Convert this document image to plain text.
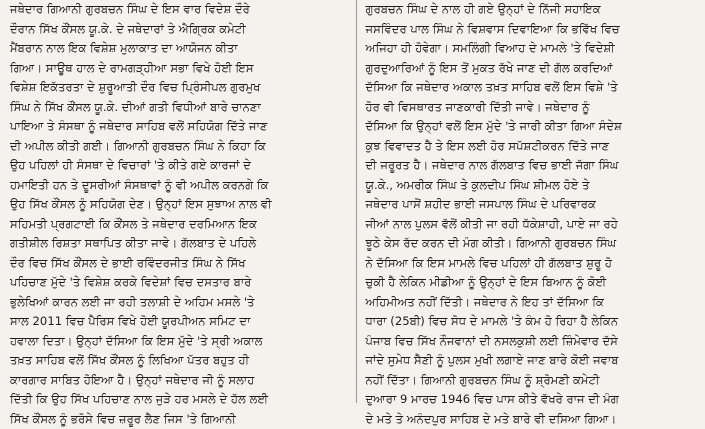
ਜਥੇਦਾਰ ਗਿਆਨੀ ਗੁਰਬਚਨ ਸਿੰਘ ਦੇ ਇਸ ਵਾਰ ਵਿਦੇਸ਼ ਦੌਰੇ
ਦੌਰਾਨ ਸਿੱਖ ਕੌਂਸਲ ਯੂ.ਕੇ. ਦੇ ਜਥੇਦਾਰਾਂ ਤੇ ਐਗ੍ਰਿਕ ਕਮੇਟੀ
ਮੈਂਬਰਾਨ ਨਾਲ ਇਕ ਵਿਸ਼ੇਸ਼ ਮੁਲਾਕਾਤ ਦਾ ਆਯੋਜਨ ਕੀਤਾ
ਗਿਆ। ਸਾਊਥ ਹਾਲ ਦੇ ਰਾਮਗੜ੍ਹੀਆ ਸਭਾ ਵਿਖੇ ਹੋਈ ਇਸ
ਵਿਸ਼ੇਸ਼ ਇਕੱਤਰਤਾ ਦੇ ਸ਼ੁਰੂਆਤੀ ਦੌਰ ਵਿਚ ਪ੍ਰਿੰਸੀਪਲ ਗੁਰਮੁਖ
ਸਿੰਘ ਨੇ ਸਿੱਖ ਕੌਂਸਲ ਯੂ.ਕੇ. ਦੀਆਂ ਗਤੀ ਵਿਧੀਆਂ ਬਾਰੇ ਚਾਨਣਾ
ਪਾਇਆ ਤੇ ਸੰਸਥਾ ਨੂੰ ਜਥੇਦਾਰ ਸਾਹਿਬ ਵਲੋਂ ਸਹਿਯੋਗ ਦਿੱਤੇ ਜਾਣ
ਦੀ ਅਪੀਲ ਕੀਤੀ ਗਈ। ਗਿਆਨੀ ਗੁਰਬਚਨ ਸਿੰਘ ਨੇ ਕਿਹਾ ਕਿ
ਉਹ ਪਹਿਲਾਂ ਹੀ ਸੰਸਥਾ ਦੇ ਵਿਚਾਰਾਂ 'ਤੇ ਕੀਤੇ ਗਏ ਕਾਰਜਾਂ ਦੇ
ਹਮਾਇਤੀ ਹਨ ਤੇ ਦੂਸਰੀਆਂ ਸੰਸਥਾਵਾਂ ਨੂੰ ਵੀ ਅਪੀਲ ਕਰਨਗੇ ਕਿ
ਉਹ ਸਿੱਖ ਕੌਂਸਲ ਨੂੰ ਸਹਿਯੋਗ ਦੇਣ। ਉਨ੍ਹਾਂ ਇਸ ਸੁਝਾਅ ਨਾਲ ਵੀ
ਸਹਿਮਤੀ ਪ੍ਰਗਟਾਈ ਕਿ ਕੌਂਸਲ ਤੇ ਜਥੇਦਾਰ ਦਰਮਿਆਨ ਇਕ
ਗਤੀਸ਼ੀਲ ਰਿਸ਼ਤਾ ਸਥਾਪਿਤ ਕੀਤਾ ਜਾਵੇ। ਗੱਲਬਾਤ ਦੇ ਪਹਿਲੇ
ਦੌਰ ਵਿਚ ਸਿੱਖ ਕੌਂਸਲ ਦੇ ਭਾਈ ਰਵਿੰਦਰਜੀਤ ਸਿੰਘ ਨੇ ਸਿੱਖ
ਪਹਿਚਾਣ ਮੁੱਦੇ 'ਤੇ ਵਿਸ਼ੇਸ਼ ਕਰਕੇ ਵਿਦੇਸ਼ਾਂ ਵਿਚ ਦਸਤਾਰ ਬਾਰੇ
ਭੁਲੇਖਿਆਂ ਕਾਰਨ ਲਈ ਜਾ ਰਹੀ ਤਲਾਸ਼ੀ ਦੇ ਅਹਿਮ ਮਸਲੇ 'ਤੇ
ਸਾਲ 2011 ਵਿਚ ਪੈਰਿਸ ਵਿਖੇ ਹੋਈ ਯੂਰਪੀਅਨ ਸਮਿਟ ਦਾ
ਹਵਾਲਾ ਦਿਤਾ। ਉਨ੍ਹਾਂ ਦੱਸਿਆ ਕਿ ਇਸ ਮੁੱਦੇ 'ਤੇ ਸ੍ਰੀ ਅਕਾਲ
ਤਖ਼ਤ ਸਾਹਿਬ ਵਲੋਂ ਸਿੱਖ ਕੌਂਸਲ ਨੂੰ ਲਿਖਿਆ ਪੱਤਰ ਬਹੁਤ ਹੀ
ਕਾਰਗਾਰ ਸਾਬਿਤ ਹੋਇਆ ਹੈ। ਉਨ੍ਹਾਂ ਜਥੇਦਾਰ ਜੀ ਨੂੰ ਸਲਾਹ
ਦਿੱਤੀ ਕਿ ਉਹ ਸਿੱਖ ਪਹਿਚਾਣ ਨਾਲ ਜੁੜੇ ਹਰ ਮਸਲੇ ਦੇ ਹੱਲ ਲਈ
ਸਿੱਖ ਕੌਂਸਲ ਨੂੰ ਭਰੋਸੇ ਵਿਚ ਜ਼ਰੂਰ ਲੈਣ ਜਿਸ 'ਤੇ ਗਿਆਨੀ
ਗੁਰਬਚਨ ਸਿੰਘ ਦੇ ਨਾਲ ਹੀ ਗਏ ਉਨ੍ਹਾਂ ਦੇ ਨਿੱਜੀ ਸਹਾਇਕ
ਜਸਵਿੰਦਰ ਪਾਲ ਸਿੰਘ ਨੇ ਵਿਸ਼ਵਾਸ ਦਿਵਾਇਆ ਕਿ ਭਵਿੱਖ ਵਿਚ
ਅਜਿਹਾ ਹੀ ਹੋਵੇਗਾ। ਸਮਲਿੰਗੀ ਵਿਆਹ ਦੇ ਮਾਮਲੇ 'ਤੇ ਵਿਦੇਸ਼ੀ
ਗੁਰਦੁਆਰਿਆਂ ਨੂੰ ਇਸ ਤੋਂ ਮੁਕਤ ਰੱਖੇ ਜਾਣ ਦੀ ਗੱਲ ਕਰਦਿਆਂ
ਦੱਸਿਆ ਕਿ ਜਥੇਦਾਰ ਅਕਾਲ ਤਖ਼ਤ ਸਾਹਿਬ ਵਲੋਂ ਇਸ ਵਿਸ਼ੇ 'ਤੇ
ਹੋਰ ਵੀ ਵਿਸਥਾਰਤ ਜਾਣਕਾਰੀ ਦਿੱਤੀ ਜਾਵੇ। ਜਥੇਦਾਰ ਨੂੰ
ਦੱਸਿਆ ਕਿ ਉਨ੍ਹਾਂ ਵਲੋਂ ਇਸ ਮੁੱਦੇ 'ਤੇ ਜਾਰੀ ਕੀਤਾ ਗਿਆ ਸੰਦੇਸ਼
ਕੁਝ ਵਿਵਾਦਤ ਹੈ ਤੇ ਇਸ ਲਈ ਹੋਰ ਸਪੱਸ਼ਟੀਕਰਨ ਦਿੱਤੇ ਜਾਣ
ਦੀ ਜਰੂਰਤ ਹੈ। ਜਥੇਦਾਰ ਨਾਲ ਗੱਲਬਾਤ ਵਿਚ ਭਾਈ ਜੱਗਾ ਸਿੰਘ
ਯੂ.ਕੇ., ਅਮਰੀਕ ਸਿੰਘ ਤੇ ਕੁਲਦੀਪ ਸਿੰਘ ਸ਼ੀਮਲ ਹੋਏ ਤੇ
ਜਥੇਦਾਰ ਪਾਸੋਂ ਸ਼ਹੀਦ ਭਾਈ ਜਸਪਾਲ ਸਿੰਘ ਦੇ ਪਰਿਵਾਰਕ
ਜੀਆਂ ਨਾਲ ਪੁਲਸ ਵੱਲੋਂ ਕੀਤੀ ਜਾ ਰਹੀ ਧੱਕੇਸ਼ਾਹੀ, ਪਾਏ ਜਾ ਰਹੇ
ਝੂਠੇ ਕੇਸ ਰੱਦ ਕਰਨ ਦੀ ਮੰਗ ਕੀਤੀ। ਗਿਆਨੀ ਗੁਰਬਚਨ ਸਿੰਘ
ਨੇ ਦੱਸਿਆ ਕਿ ਇਸ ਮਾਮਲੇ ਵਿਚ ਪਹਿਲਾਂ ਹੀ ਗੱਲਬਾਤ ਸ਼ੁਰੂ ਹੋ
ਚੁਕੀ ਹੈ ਲੇਕਿਨ ਮੀਡੀਆ ਨੂੰ ਉਨ੍ਹਾਂ ਦੇ ਇਸ ਬਿਆਨ ਨੂੰ ਕੋਈ
ਅਹਿਮੀਅਤ ਨਹੀਂ ਦਿੱਤੀ। ਜਥੇਦਾਰ ਨੇ ਇਹ ਤਾਂ ਦੱਸਿਆ ਕਿ
ਧਾਰਾ (25ਬੀ) ਵਿਚ ਸੋਧ ਦੇ ਮਾਮਲੇ 'ਤੇ ਕੰਮ ਹੋ ਰਿਹਾ ਹੈ ਲੇਕਿਨ
ਪੰਜਾਬ ਵਿਚ ਸਿੱਖ ਨੌਜਵਾਨਾਂ ਦੀ ਨਸਲਕੁਸ਼ੀ ਲਈ ਜ਼ਿੰਮੇਵਾਰ ਦੱਸੇ
ਜਾਂਦੇ ਸੁਮੇਧ ਸੈਣੀ ਨੂੰ ਪੁਲਸ ਮੁਖੀ ਲਗਾਏ ਜਾਣ ਬਾਰੇ ਕੋਈ ਜਵਾਬ
ਨਹੀਂ ਦਿੱਤਾ। ਗਿਆਨੀ ਗੁਰਬਚਨ ਸਿੰਘ ਨੂੰ ਸ਼੍ਰੋਮਣੀ ਕਮੇਟੀ
ਦੁਆਰਾ 9 ਮਾਰਚ 1946 ਵਿਚ ਪਾਸ ਕੀਤੇ ਵੱਖਰੇ ਰਾਜ ਦੀ ਮੰਗ
ਦੇ ਮਤੇ ਤੇ ਅਨੰਦਪੁਰ ਸਾਹਿਬ ਦੇ ਮਤੇ ਬਾਰੇ ਵੀ ਦਸਿਆ ਗਿਆ।
